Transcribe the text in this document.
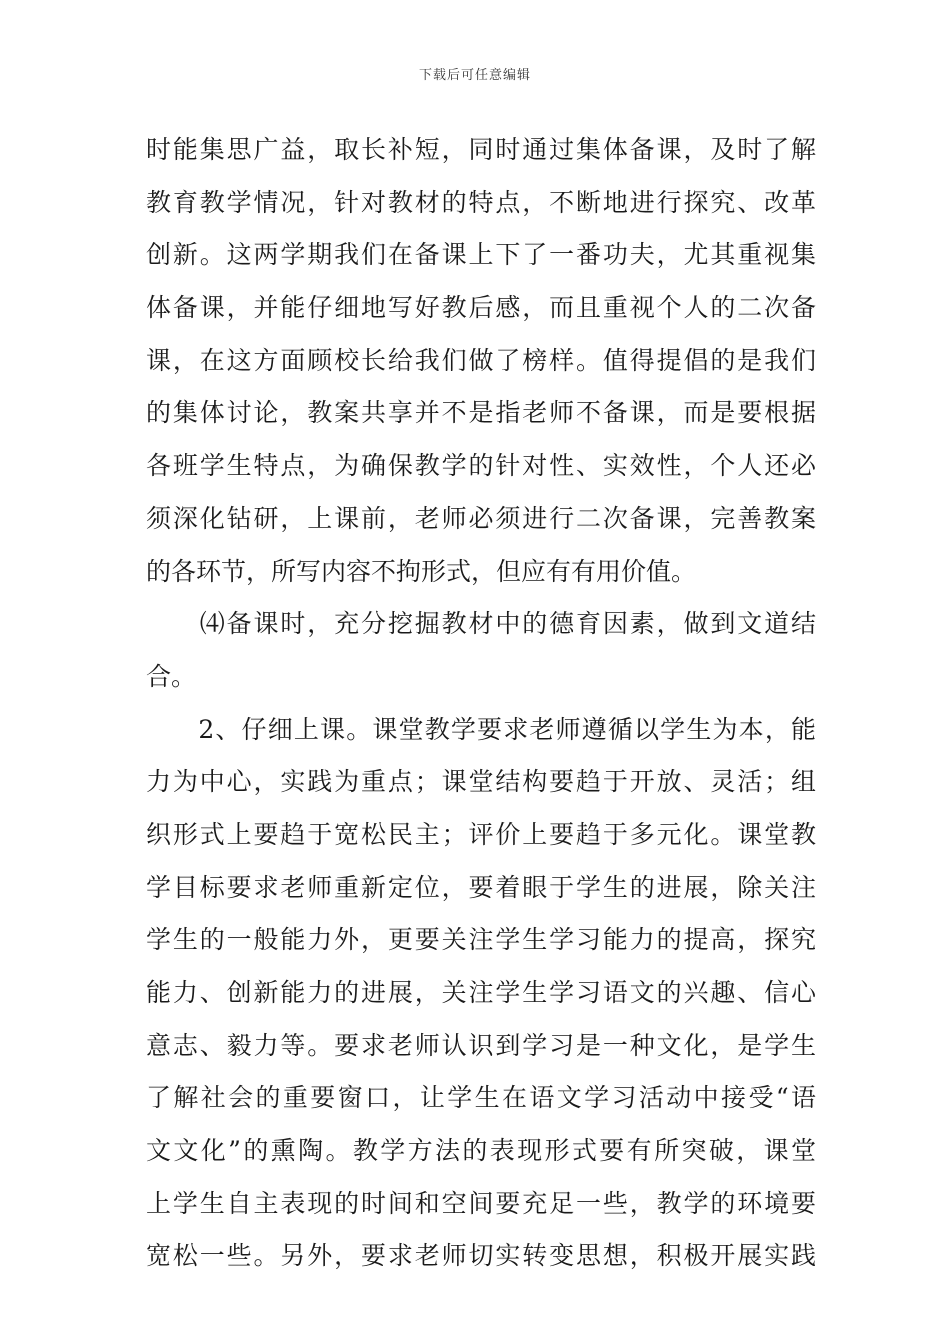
下载后可任意编辑
时能集思广益，取长补短，同时通过集体备课，及时了解
教育教学情况，针对教材的特点，不断地进行探究、改革
创新。这两学期我们在备课上下了一番功夫，尤其重视集
体备课，并能仔细地写好教后感，而且重视个人的二次备
课，在这方面顾校长给我们做了榜样。值得提倡的是我们
的集体讨论，教案共享并不是指老师不备课，而是要根据
各班学生特点，为确保教学的针对性、实效性，个人还必
须深化钻研，上课前，老师必须进行二次备课，完善教案
的各环节，所写内容不拘形式，但应有有用价值。
　　⑷备课时，充分挖掘教材中的德育因素，做到文道结
合。
　　2、仔细上课。课堂教学要求老师遵循以学生为本，能
力为中心，实践为重点；课堂结构要趋于开放、灵活；组
织形式上要趋于宽松民主；评价上要趋于多元化。课堂教
学目标要求老师重新定位，要着眼于学生的进展，除关注
学生的一般能力外，更要关注学生学习能力的提高，探究
能力、创新能力的进展，关注学生学习语文的兴趣、信心
意志、毅力等。要求老师认识到学习是一种文化，是学生
了解社会的重要窗口，让学生在语文学习活动中接受“语
文文化”的熏陶。教学方法的表现形式要有所突破，课堂
上学生自主表现的时间和空间要充足一些，教学的环境要
宽松一些。另外，要求老师切实转变思想，积极开展实践
